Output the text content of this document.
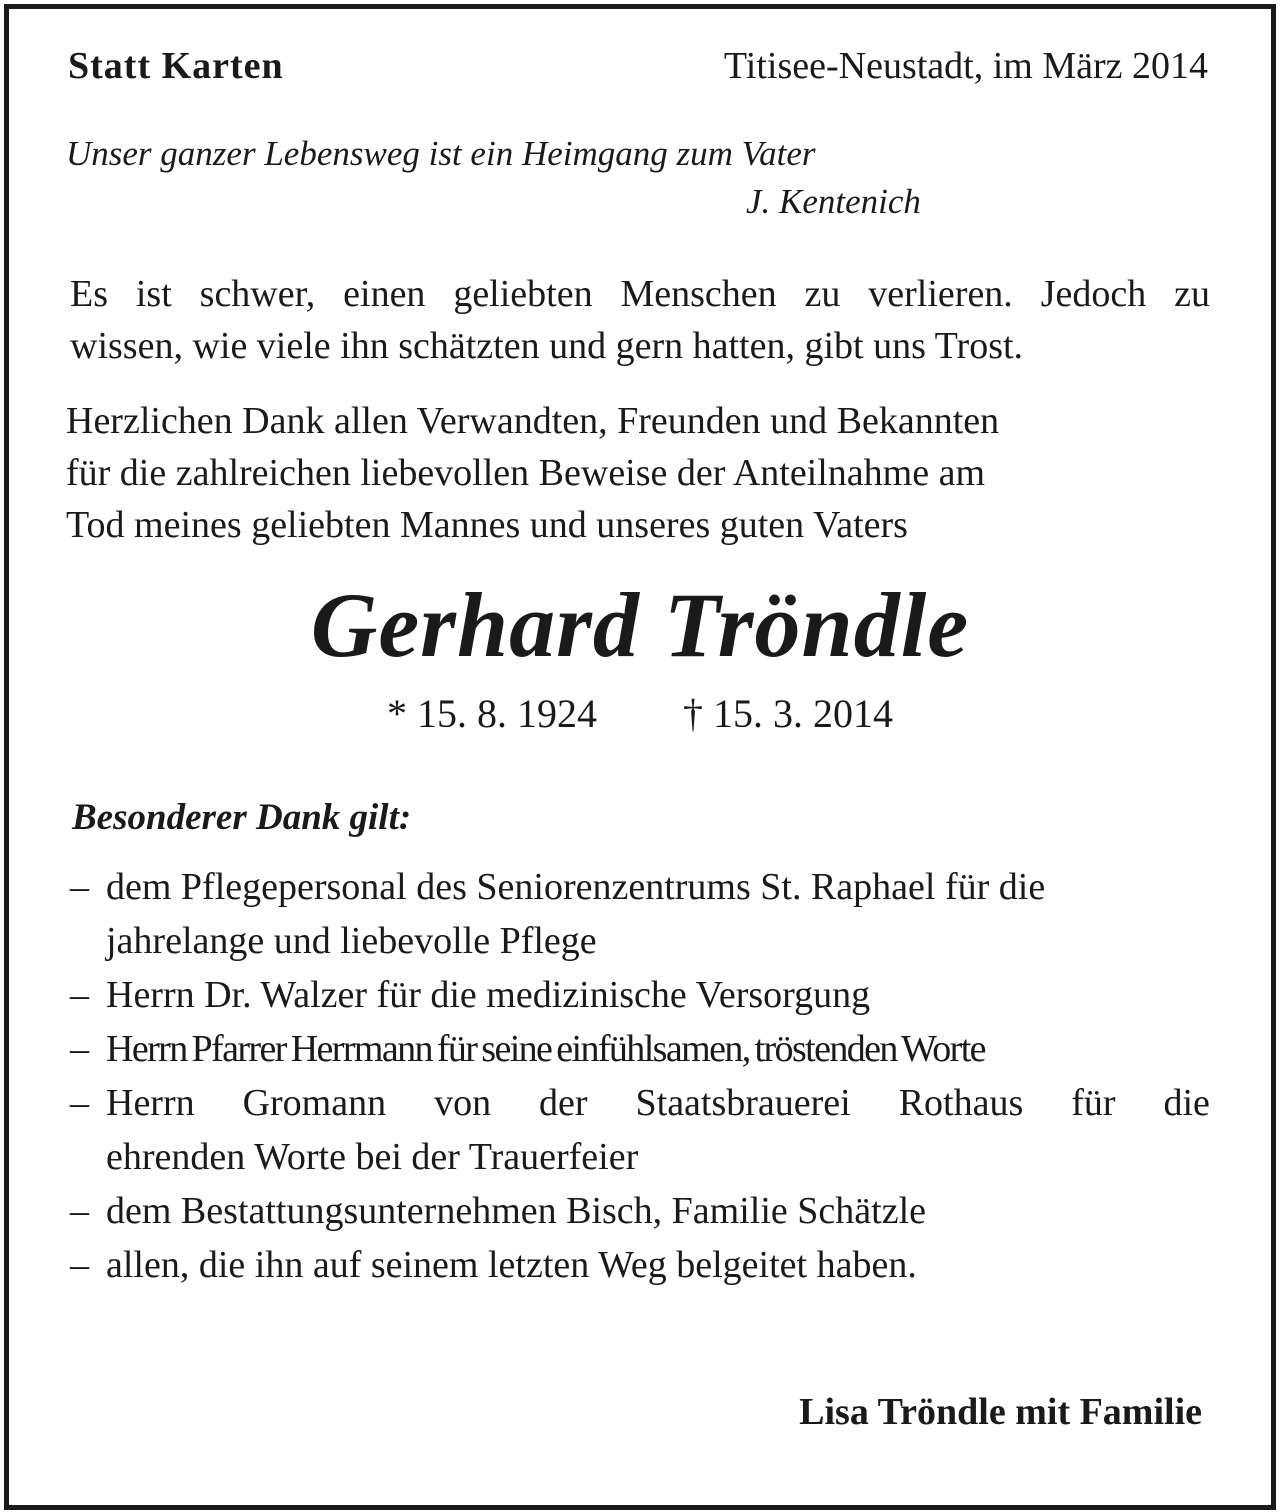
Statt Karten	Titisee-Neustadt, im März 2014
Unser ganzer Lebensweg ist ein Heimgang zum Vater
J. Kentenich
Es ist schwer, einen geliebten Menschen zu verlieren. Jedoch zu
wissen, wie viele ihn schätzten und gern hatten, gibt uns Trost.
Herzlichen Dank allen Verwandten, Freunden und Bekannten
für die zahlreichen liebevollen Beweise der Anteilnahme am
Tod meines geliebten Mannes und unseres guten Vaters
Gerhard Tröndle
* 15. 8. 1924 † 15. 3. 2014
Besonderer Dank gilt:
– dem Pflegepersonal des Seniorenzentrums St. Raphael für die
jahrelange und liebevolle Pflege
– Herrn Dr. Walzer für die medizinische Versorgung
– Herrn Pfarrer Herrmann für seine einfühlsamen, tröstenden Worte
– Herrn Gromann von der Staatsbrauerei Rothaus für die
ehrenden Worte bei der Trauerfeier
– dem Bestattungsunternehmen Bisch, Familie Schätzle
– allen, die ihn auf seinem letzten Weg belgeitet haben.
Lisa Tröndle mit Familie
